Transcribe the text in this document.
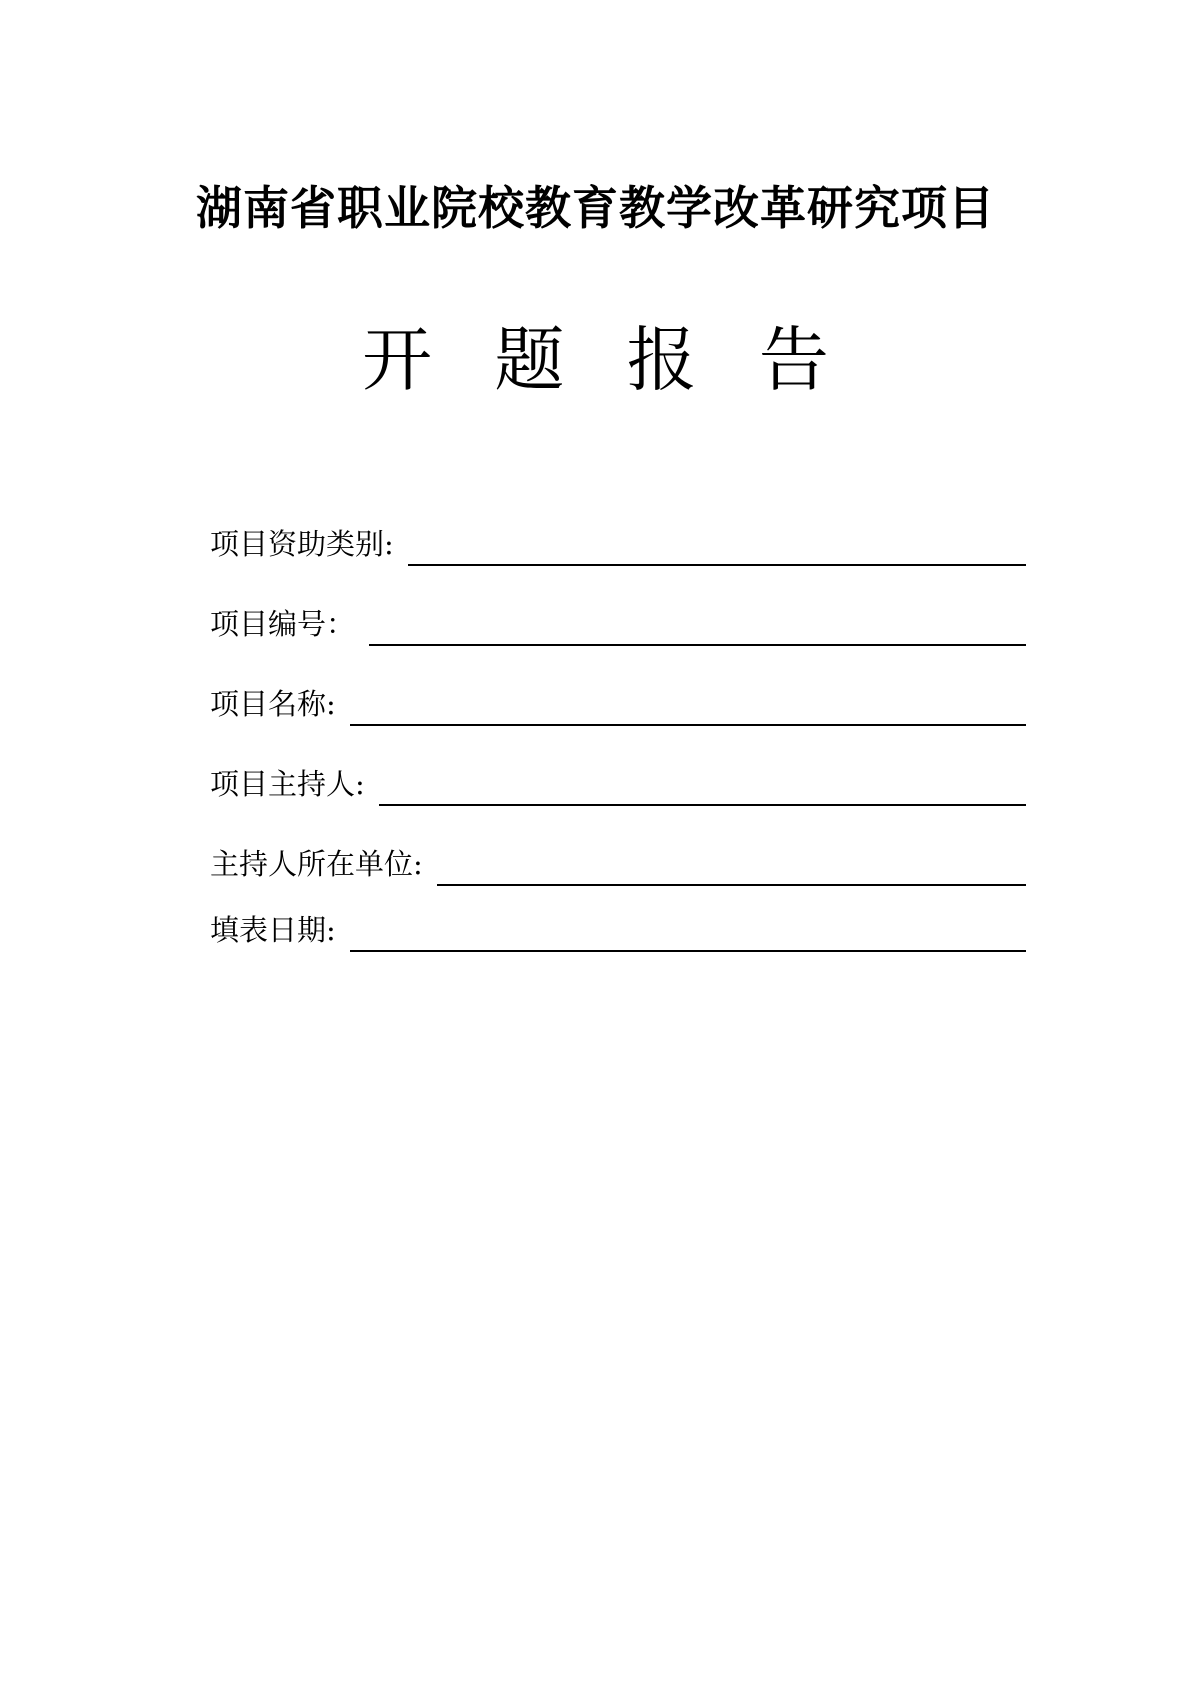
湖南省职业院校教育教学改革研究项目
开 题 报 告
项目资助类别:
项目编号：
项目名称:
项目主持人:
主持人所在单位:
填表日期:
